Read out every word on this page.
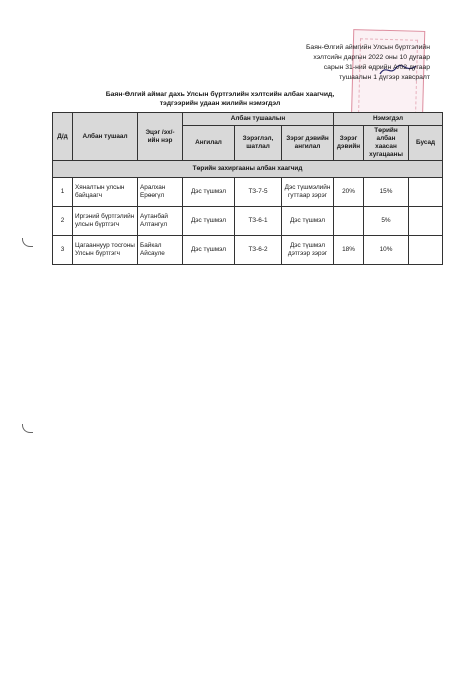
Баян-Өлгий аймгийн Улсын бүртгэлийн
хэлтсийн даргын 2022 оны 10 дугаар
сарын 31-ний өдрийн А/02 дугаар
тушаалын 1 дүгээр хавсралт
Баян-Өлгий аймаг дахь Улсын бүртгэлийн хэлтсийн албан хаагчид,
тэдгээрийн удаан жилийн нэмэгдэл
Д/д	Албан тушаал	Эцэг /эх/-ийн нэр	Албан тушаалын			Нэмэгдэл		
			Ангилал	Зэрэглэл, шатлал	Зэрэг дэвийн ангилал	Зэрэг дэвийн	Төрийн албан хаасан хугацааны	Бусад
Төрийн захиргааны албан хаагчид								
1	Хяналтын улсын байцаагч	Аралхан Ерөөгүл	Дэс түшмэл	ТЗ-7-5	Дэс түшмэлийн гуттаар зэрэг	20%	15%	
2	Иргэний бүртгэлийн улсын бүртгэгч	Аутанбай Алтангул	Дэс түшмэл	ТЗ-6-1	Дэс түшмэл		5%	
3	Цагааннуур тосгоны Улсын бүртгэгч	Байкал Айсауле	Дэс түшмэл	ТЗ-6-2	Дэс түшмэл дэтгээр зэрэг	18%	10%	
